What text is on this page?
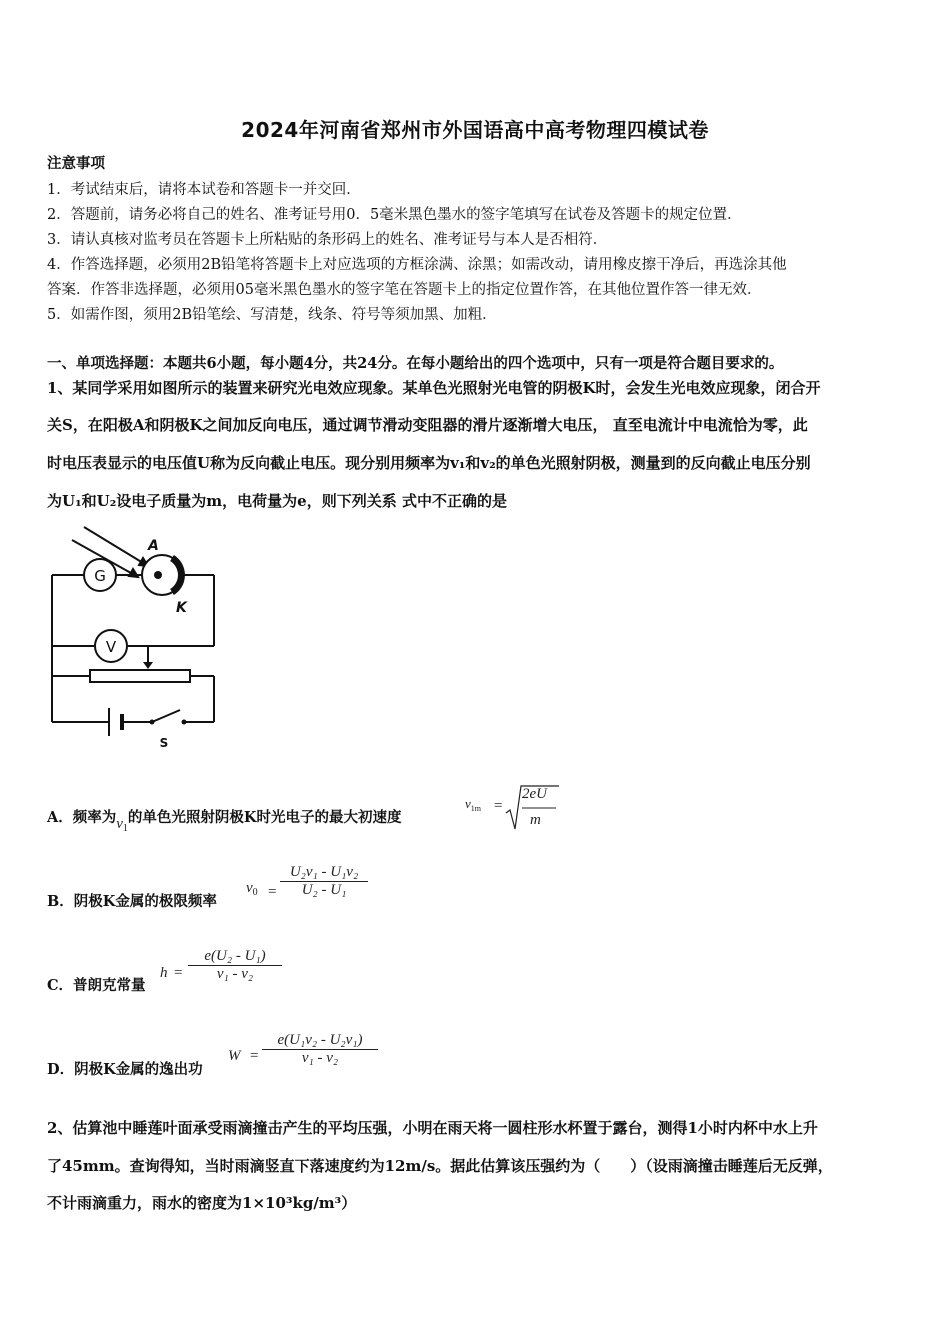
2024年河南省郑州市外国语高中高考物理四模试卷
注意事项
1．考试结束后，请将本试卷和答题卡一并交回．
2．答题前，请务必将自己的姓名、准考证号用0．5毫米黑色墨水的签字笔填写在试卷及答题卡的规定位置．
3．请认真核对监考员在答题卡上所粘贴的条形码上的姓名、准考证号与本人是否相符．
4．作答选择题，必须用2B铅笔将答题卡上对应选项的方框涂满、涂黑；如需改动，请用橡皮擦干净后，再选涂其他
答案．作答非选择题，必须用05毫米黑色墨水的签字笔在答题卡上的指定位置作答，在其他位置作答一律无效．
5．如需作图，须用2B铅笔绘、写清楚，线条、符号等须加黑、加粗．
一、单项选择题：本题共6小题，每小题4分，共24分。在每小题给出的四个选项中，只有一项是符合题目要求的。
1、某同学采用如图所示的装置来研究光电效应现象。某单色光照射光电管的阴极K时，会发生光电效应现象，闭合开
关S，在阳极A和阴极K之间加反向电压，通过调节滑动变阻器的滑片逐渐增大电压， 直至电流计中电流恰为零，此
时电压表显示的电压值U称为反向截止电压。现分别用频率为v₁和v₂的单色光照射阴极，测量到的反向截止电压分别
为U₁和U₂设电子质量为m，电荷量为e，则下列关系 式中不正确的是
G
A
K
V
S
A．频率为$v_1$的单色光照射阴极K时光电子的最大初速度
$v_{1m}$ =
2eU
m
B．阴极K金属的极限频率
$v_0$ =
U₂v₁ - U₁v₂
U₂ - U₁
C．普朗克常量
h =
e(U₂ - U₁)
v₁ - v₂
D．阴极K金属的逸出功
W =
e(U₁v₂ - U₂v₁)
v₁ - v₂
2、估算池中睡莲叶面承受雨滴撞击产生的平均压强，小明在雨天将一圆柱形水杯置于露台，测得1小时内杯中水上升
了45mm。查询得知，当时雨滴竖直下落速度约为12m/s。据此估算该压强约为（　　）（设雨滴撞击睡莲后无反弹，
不计雨滴重力，雨水的密度为1×10³kg/m³）
